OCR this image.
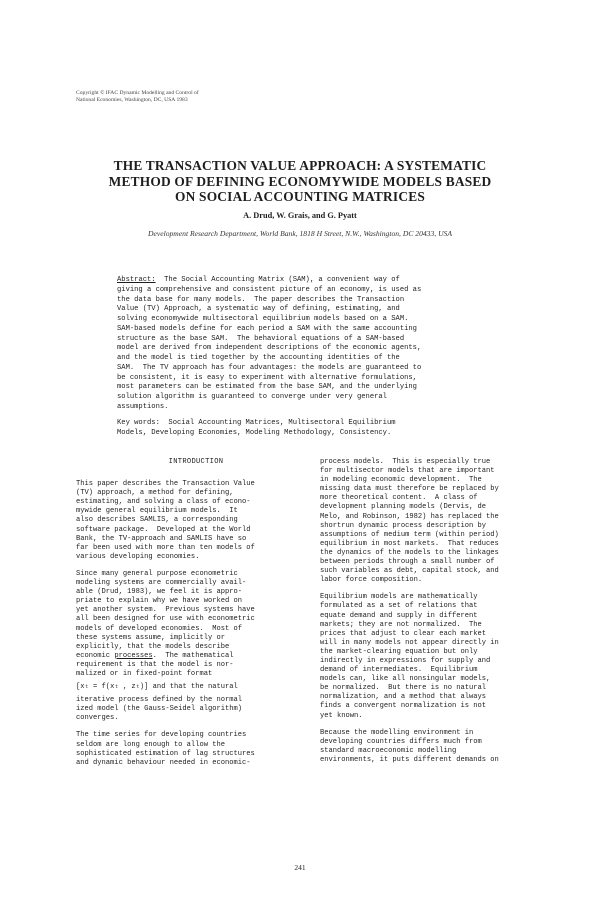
Copyright © IFAC Dynamic Modelling and Control of
National Economies, Washington, DC, USA 1983
THE TRANSACTION VALUE APPROACH: A SYSTEMATIC
METHOD OF DEFINING ECONOMYWIDE MODELS BASED
ON SOCIAL ACCOUNTING MATRICES
A. Drud, W. Grais, and G. Pyatt
Development Research Department, World Bank, 1818 H Street, N.W., Washington, DC 20433, USA
Abstract:  The Social Accounting Matrix (SAM), a convenient way of
giving a comprehensive and consistent picture of an economy, is used as
the data base for many models.  The paper describes the Transaction
Value (TV) Approach, a systematic way of defining, estimating, and
solving economywide multisectoral equilibrium models based on a SAM.
SAM-based models define for each period a SAM with the same accounting
structure as the base SAM.  The behavioral equations of a SAM-based
model are derived from independent descriptions of the economic agents,
and the model is tied together by the accounting identities of the
SAM.  The TV approach has four advantages: the models are guaranteed to
be consistent, it is easy to experiment with alternative formulations,
most parameters can be estimated from the base SAM, and the underlying
solution algorithm is guaranteed to converge under very general
assumptions.
Key words:  Social Accounting Matrices, Multisectoral Equilibrium
Models, Developing Economies, Modeling Methodology, Consistency.
INTRODUCTION
This paper describes the Transaction Value
(TV) approach, a method for defining,
estimating, and solving a class of econo-
mywide general equilibrium models.  It
also describes SAMLIS, a corresponding
software package.  Developed at the World
Bank, the TV-approach and SAMLIS have so
far been used with more than ten models of
various developing economies.
Since many general purpose econometric
modeling systems are commercially avail-
able (Drud, 1983), we feel it is appro-
priate to explain why we have worked on
yet another system.  Previous systems have
all been designed for use with econometric
models of developed economies.  Most of
these systems assume, implicitly or
explicitly, that the models describe
economic processes.  The mathematical
requirement is that the model is nor-
malized or in fixed-point format
[xₜ = f(xₜ , zₜ)] and that the natural
iterative process defined by the normal
ized model (the Gauss-Seidel algorithm)
converges.
The time series for developing countries
seldom are long enough to allow the
sophisticated estimation of lag structures
and dynamic behaviour needed in economic-
process models.  This is especially true
for multisector models that are important
in modeling economic development.  The
missing data must therefore be replaced by
more theoretical content.  A class of
development planning models (Dervis, de
Melo, and Robinson, 1982) has replaced the
shortrun dynamic process description by
assumptions of medium term (within period)
equilibrium in most markets.  That reduces
the dynamics of the models to the linkages
between periods through a small number of
such variables as debt, capital stock, and
labor force composition.
Equilibrium models are mathematically
formulated as a set of relations that
equate demand and supply in different
markets; they are not normalized.  The
prices that adjust to clear each market
will in many models not appear directly in
the market-clearing equation but only
indirectly in expressions for supply and
demand of intermediates.  Equilibrium
models can, like all nonsingular models,
be normalized.  But there is no natural
normalization, and a method that always
finds a convergent normalization is not
yet known.
Because the modelling environment in
developing countries differs much from
standard macroeconomic modelling
environments, it puts different demands on
241
